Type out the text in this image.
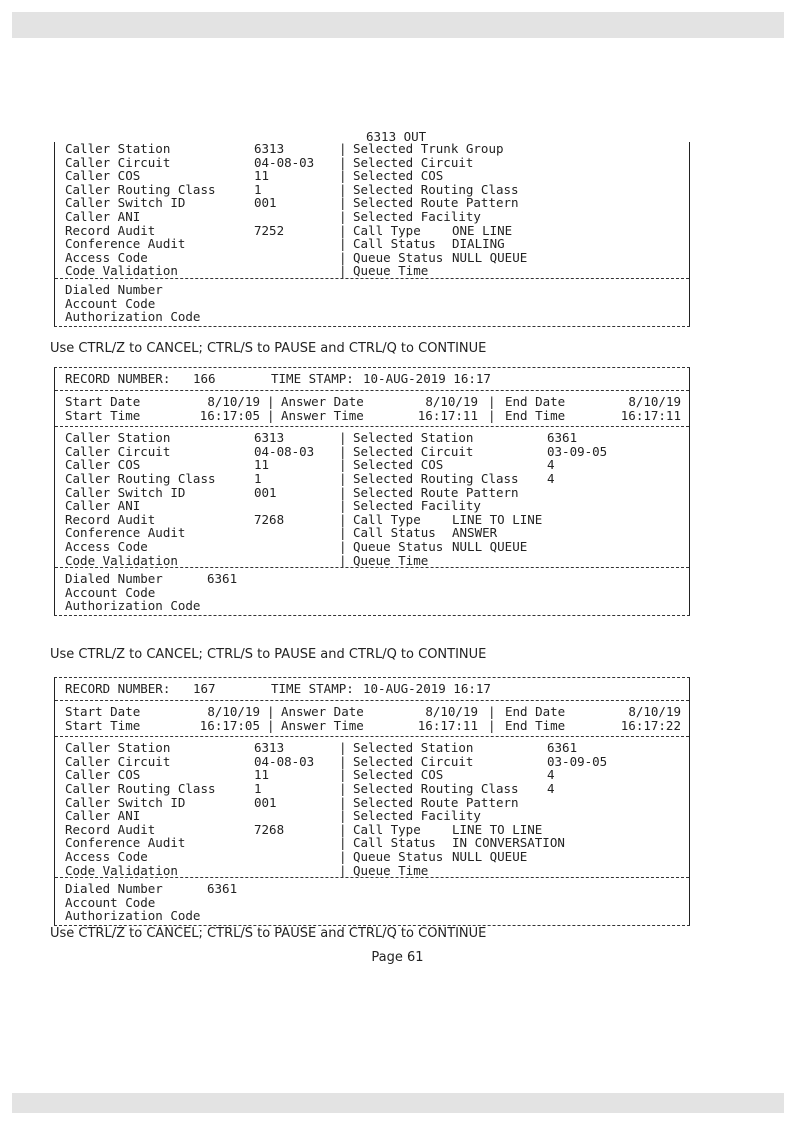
6313 OUT
Caller Station	6313	| Selected Trunk Group
Caller Circuit	04-08-03 | Selected Circuit
Caller COS	11	| Selected COS
Caller Routing Class	1	| Selected Routing Class
Caller Switch ID	001	| Selected Route Pattern
Caller ANI	| Selected Facility
Record Audit	7252	| Call Type	ONE LINE
Conference Audit	| Call Status DIALING
Access Code	| Queue Status NULL QUEUE
Code Validation	| Queue Time
Dialed Number
Account Code
Authorization Code
Use CTRL/Z to CANCEL; CTRL/S to PAUSE and CTRL/Q to CONTINUE
RECORD NUMBER: 166	TIME STAMP: 10-AUG-2019 16:17
Start Date	8/10/19 | Answer Date	8/10/19 | End Date	8/10/19
Start Time	16:17:05 | Answer Time	16:17:11 | End Time	16:17:11
Caller Station	6313	| Selected Station	6361
Caller Circuit	04-08-03 | Selected Circuit	03-09-05
Caller COS	11	| Selected COS	4
Caller Routing Class	1	| Selected Routing Class 4
Caller Switch ID	001	| Selected Route Pattern
Caller ANI	| Selected Facility
Record Audit	7268	| Call Type	LINE TO LINE
Conference Audit	| Call Status ANSWER
Access Code	| Queue Status NULL QUEUE
Code Validation	| Queue Time
Dialed Number	6361
Account Code
Authorization Code
Use CTRL/Z to CANCEL; CTRL/S to PAUSE and CTRL/Q to CONTINUE
RECORD NUMBER: 167	TIME STAMP: 10-AUG-2019 16:17
Start Date	8/10/19 | Answer Date	8/10/19 | End Date	8/10/19
Start Time	16:17:05 | Answer Time	16:17:11 | End Time	16:17:22
Caller Station	6313	| Selected Station	6361
Caller Circuit	04-08-03 | Selected Circuit	03-09-05
Caller COS	11	| Selected COS	4
Caller Routing Class	1	| Selected Routing Class 4
Caller Switch ID	001	| Selected Route Pattern
Caller ANI	| Selected Facility
Record Audit	7268	| Call Type	LINE TO LINE
Conference Audit	| Call Status IN CONVERSATION
Access Code	| Queue Status NULL QUEUE
Code Validation	| Queue Time
Dialed Number	6361
Account Code
Authorization Code
Use CTRL/Z to CANCEL; CTRL/S to PAUSE and CTRL/Q to CONTINUE
Page 61
